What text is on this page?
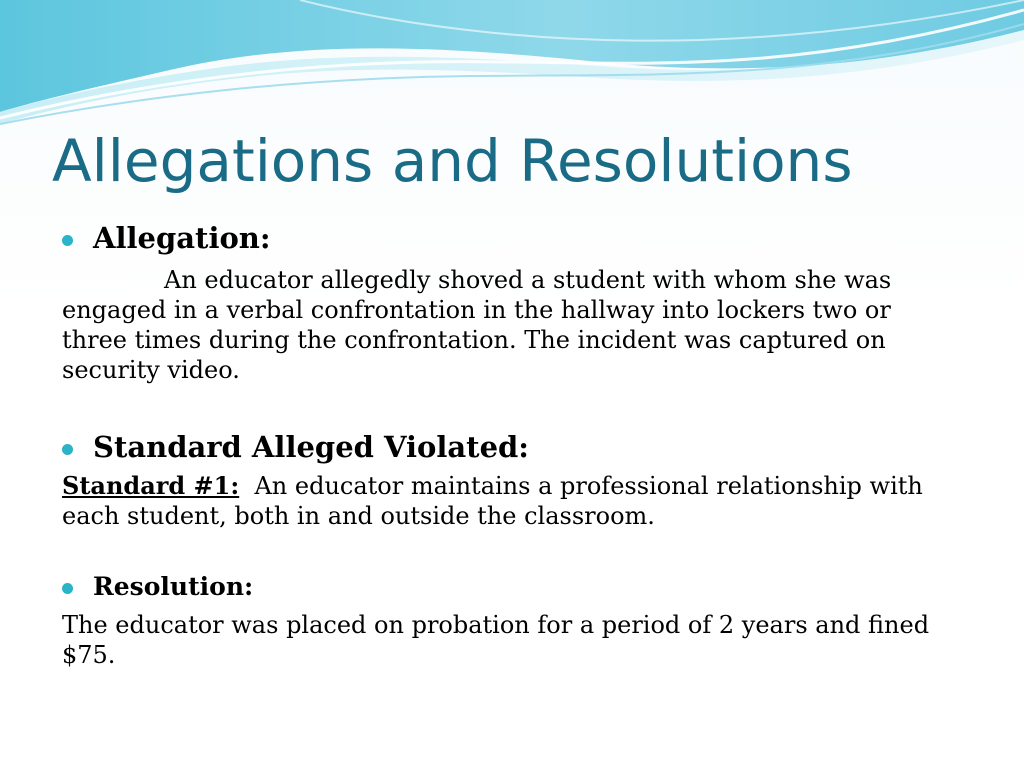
Allegations and Resolutions
Allegation:

An educator allegedly shoved a student with whom she was engaged in a verbal confrontation in the hallway into lockers two or three times during the confrontation. The incident was captured on security video.

Standard Alleged Violated:

Standard #1: An educator maintains a professional relationship with each student, both in and outside the classroom.

Resolution:

The educator was placed on probation for a period of 2 years and fined $75.
